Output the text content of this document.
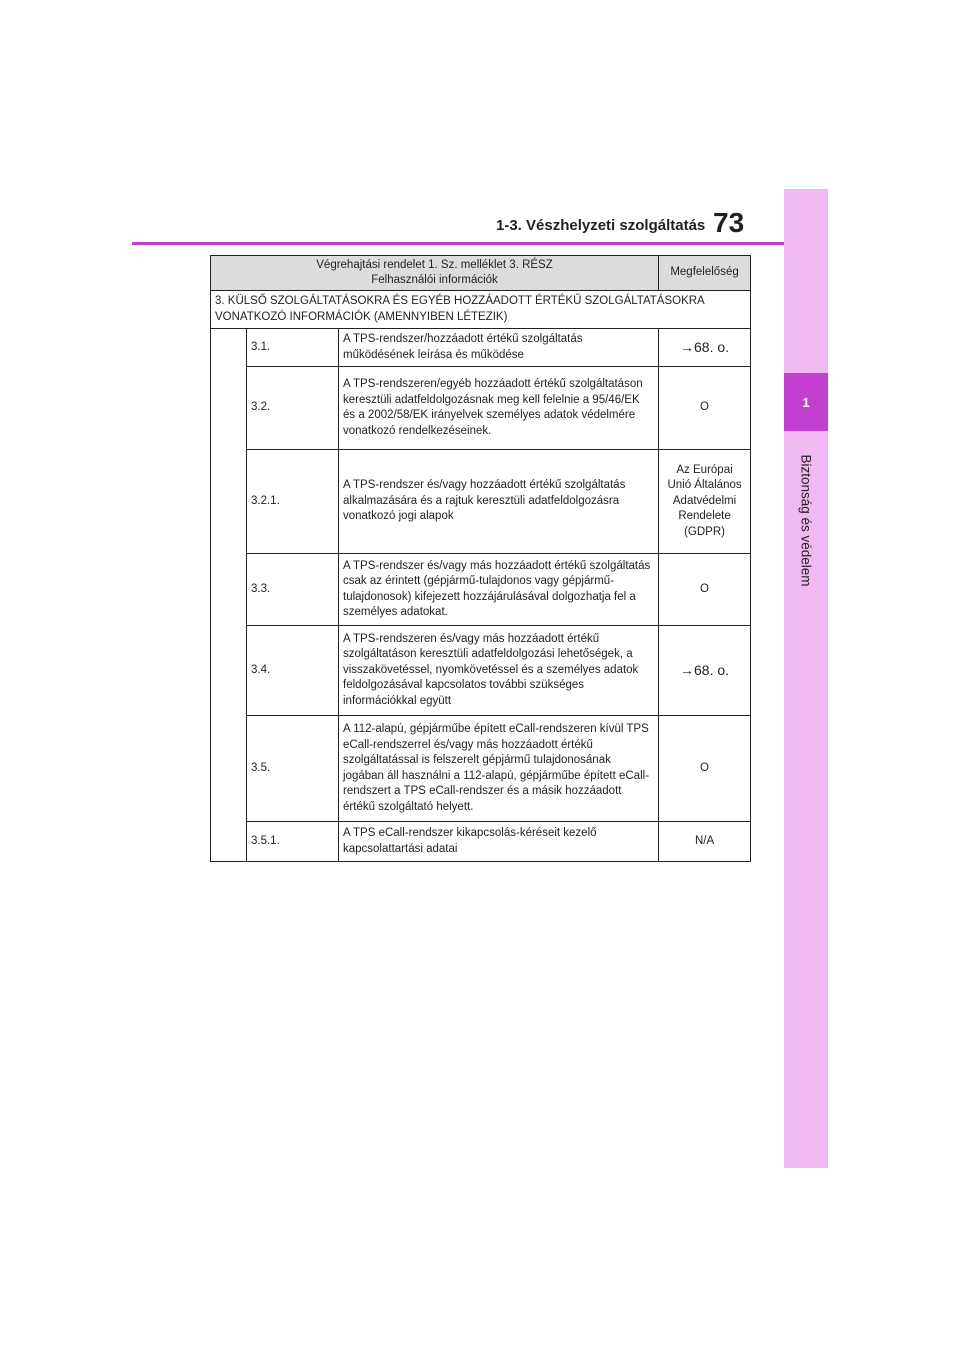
1
Biztonság és védelem
1-3. Vészhelyzeti szolgáltatás 73
Végrehajtási rendelet 1. Sz. melléklet 3. RÉSZ
Felhasználói információk			Megfelelőség
3. KÜLSŐ SZOLGÁLTATÁSOKRA ÉS EGYÉB HOZZÁADOTT ÉRTÉKŰ SZOLGÁLTATÁSOKRA VONATKOZÓ INFORMÁCIÓK (AMENNYIBEN LÉTEZIK)			
	3.1.	A TPS-rendszer/hozzáadott értékű szolgáltatás működésének leírása és működése	→68. o.
	3.2.	A TPS-rendszeren/egyéb hozzáadott értékű szolgáltatáson keresztüli adatfeldolgozásnak meg kell felelnie a 95/46/EK és a 2002/58/EK irányelvek személyes adatok védelmére vonatkozó rendelkezéseinek.	O
	3.2.1.	A TPS-rendszer és/vagy hozzáadott értékű szolgáltatás alkalmazására és a rajtuk keresztüli adatfeldolgozásra vonatkozó jogi alapok	Az Európai Unió Általános Adatvédelmi Rendelete (GDPR)
	3.3.	A TPS-rendszer és/vagy más hozzáadott értékű szolgáltatás csak az érintett (gépjármű-tulajdonos vagy gépjármű-tulajdonosok) kifejezett hozzájárulásával dolgozhatja fel a személyes adatokat.	O
	3.4.	A TPS-rendszeren és/vagy más hozzáadott értékű szolgáltatáson keresztüli adatfeldolgozási lehetőségek, a visszakövetéssel, nyomkövetéssel és a személyes adatok feldolgozásával kapcsolatos további szükséges információkkal együtt	→68. o.
	3.5.	A 112-alapú, gépjárműbe épített eCall-rendszeren kívül TPS eCall-rendszerrel és/vagy más hozzáadott értékű szolgáltatással is felszerelt gépjármű tulajdonosának jogában áll használni a 112-alapú, gépjárműbe épített eCall-rendszert a TPS eCall-rendszer és a másik hozzáadott értékű szolgáltató helyett.	O
	3.5.1.	A TPS eCall-rendszer kikapcsolás-kéréseit kezelő kapcsolattartási adatai	N/A
